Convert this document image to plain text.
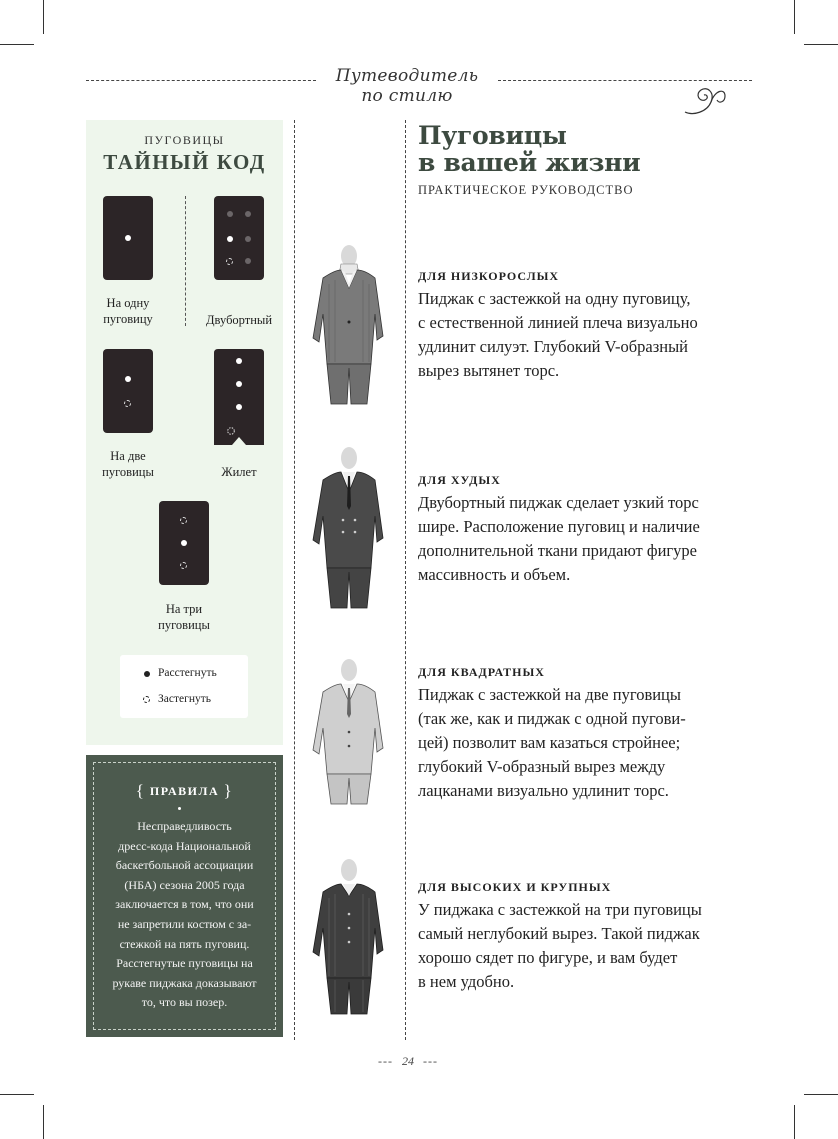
Путеводитель по стилю
ПУГОВИЦЫ
ТАЙНЫЙ КОД
На одну
пуговицу	Двубортный
На две
пуговицы	Жилет
На три
пуговицы
Расстегнуть
Застегнуть
{ ПРАВИЛА }
Несправедливость
дресс-кода Национальной
баскетбольной ассоциации
(НБА) сезона 2005 года
заключается в том, что они
не запретили костюм с за-
стежкой на пять пуговиц.
Расстегнутые пуговицы на
рукаве пиджака доказывают
то, что вы позер.
Пуговицы
в вашей жизни
ПРАКТИЧЕСКОЕ РУКОВОДСТВО
ДЛЯ НИЗКОРОСЛЫХ
Пиджак с застежкой на одну пуговицу,
с естественной линией плеча визуально
удлинит силуэт. Глубокий V-образный
вырез вытянет торс.
ДЛЯ ХУДЫХ
Двубортный пиджак сделает узкий торс
шире. Расположение пуговиц и наличие
дополнительной ткани придают фигуре
массивность и объем.
ДЛЯ КВАДРАТНЫХ
Пиджак с застежкой на две пуговицы
(так же, как и пиджак с одной пугови-
цей) позволит вам казаться стройнее;
глубокий V-образный вырез между
лацканами визуально удлинит торс.
ДЛЯ ВЫСОКИХ И КРУПНЫХ
У пиджака с застежкой на три пуговицы
самый неглубокий вырез. Такой пиджак
хорошо сядет по фигуре, и вам будет
в нем удобно.
--- 24 ---
